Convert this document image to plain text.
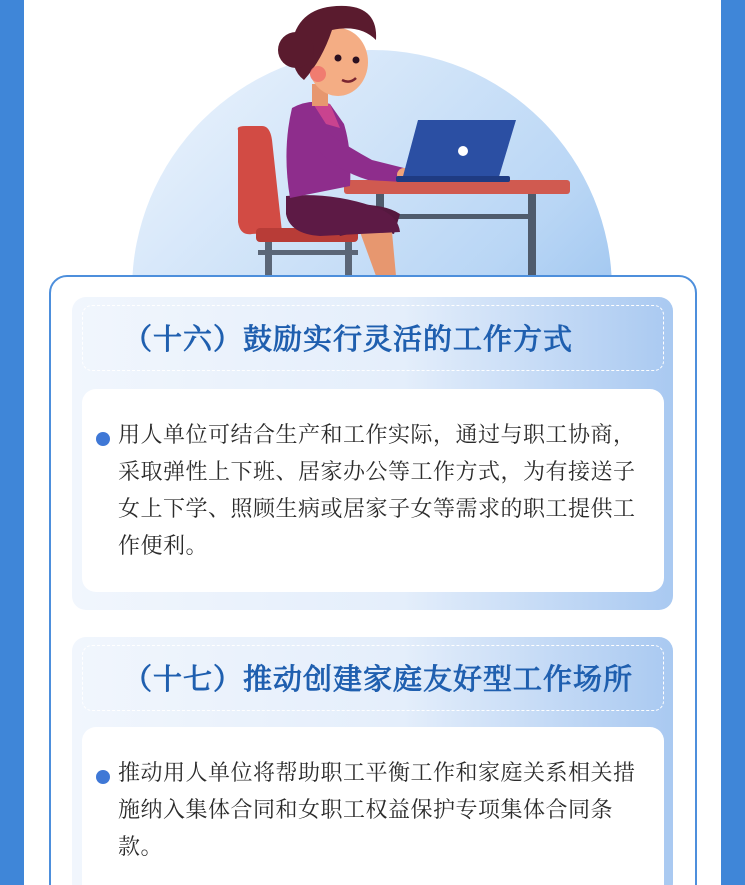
（十六）鼓励实行灵活的工作方式
用人单位可结合生产和工作实际，通过与职工协商，采取弹性上下班、居家办公等工作方式，为有接送子女上下学、照顾生病或居家子女等需求的职工提供工作便利。
（十七）推动创建家庭友好型工作场所
推动用人单位将帮助职工平衡工作和家庭关系相关措施纳入集体合同和女职工权益保护专项集体合同条款。
